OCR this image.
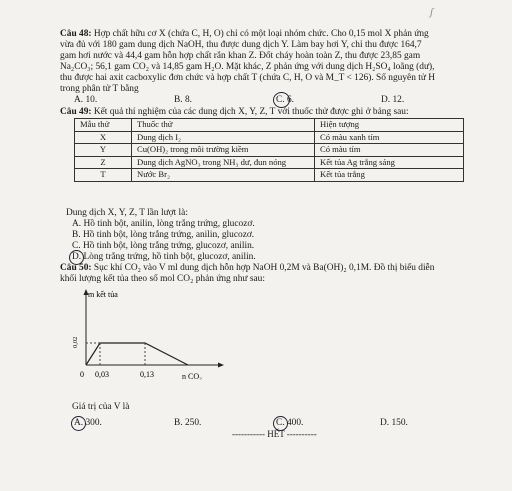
ʃ
Câu 48: Hợp chất hữu cơ X (chứa C, H, O) chỉ có một loại nhóm chức. Cho 0,15 mol X phản ứng
vừa đủ với 180 gam dung dịch NaOH, thu được dung dịch Y. Làm bay hơi Y, chỉ thu được 164,7
gam hơi nước và 44,4 gam hỗn hợp chất rắn khan Z. Đốt cháy hoàn toàn Z, thu được 23,85 gam
Na₂CO₃; 56,1 gam CO₂ và 14,85 gam H₂O. Mặt khác, Z phản ứng với dung dịch H₂SO₄ loãng (dư),
thu được hai axit cacboxylic đơn chức và hợp chất T (chứa C, H, O và M_T < 126). Số nguyên tử H
trong phân tử T bằng
A. 10.	B. 8.	C. 6.	D. 12.
Câu 49: Kết quả thí nghiệm của các dung dịch X, Y, Z, T với thuốc thử được ghi ở bảng sau:
Mẫu thử	Thuốc thử	Hiện tượng
X	Dung dịch I₂	Có màu xanh tím
Y	Cu(OH)₂ trong môi trường kiềm	Có màu tím
Z	Dung dịch AgNO₃ trong NH₃ dư, đun nóng	Kết tủa Ag trắng sáng
T	Nước Br₂	Kết tủa trắng
Dung dịch X, Y, Z, T lần lượt là:
A. Hồ tinh bột, anilin, lòng trắng trứng, glucozơ.
B. Hồ tinh bột, lòng trắng trứng, anilin, glucozơ.
C. Hồ tinh bột, lòng trắng trứng, glucozơ, anilin.
D. Lòng trắng trứng, hồ tinh bột, glucozơ, anilin.
Câu 50: Sục khí CO₂ vào V ml dung dịch hỗn hợp NaOH 0,2M và Ba(OH)₂ 0,1M. Đồ thị biểu diễn
khối lượng kết tủa theo số mol CO₂ phản ứng như sau:
0,02
m kết tủa
0 0,03	0,13	n CO₂
Giá trị của V là
A. 300.	B. 250.	C. 400.	D. 150.
----------- HẾT ----------
